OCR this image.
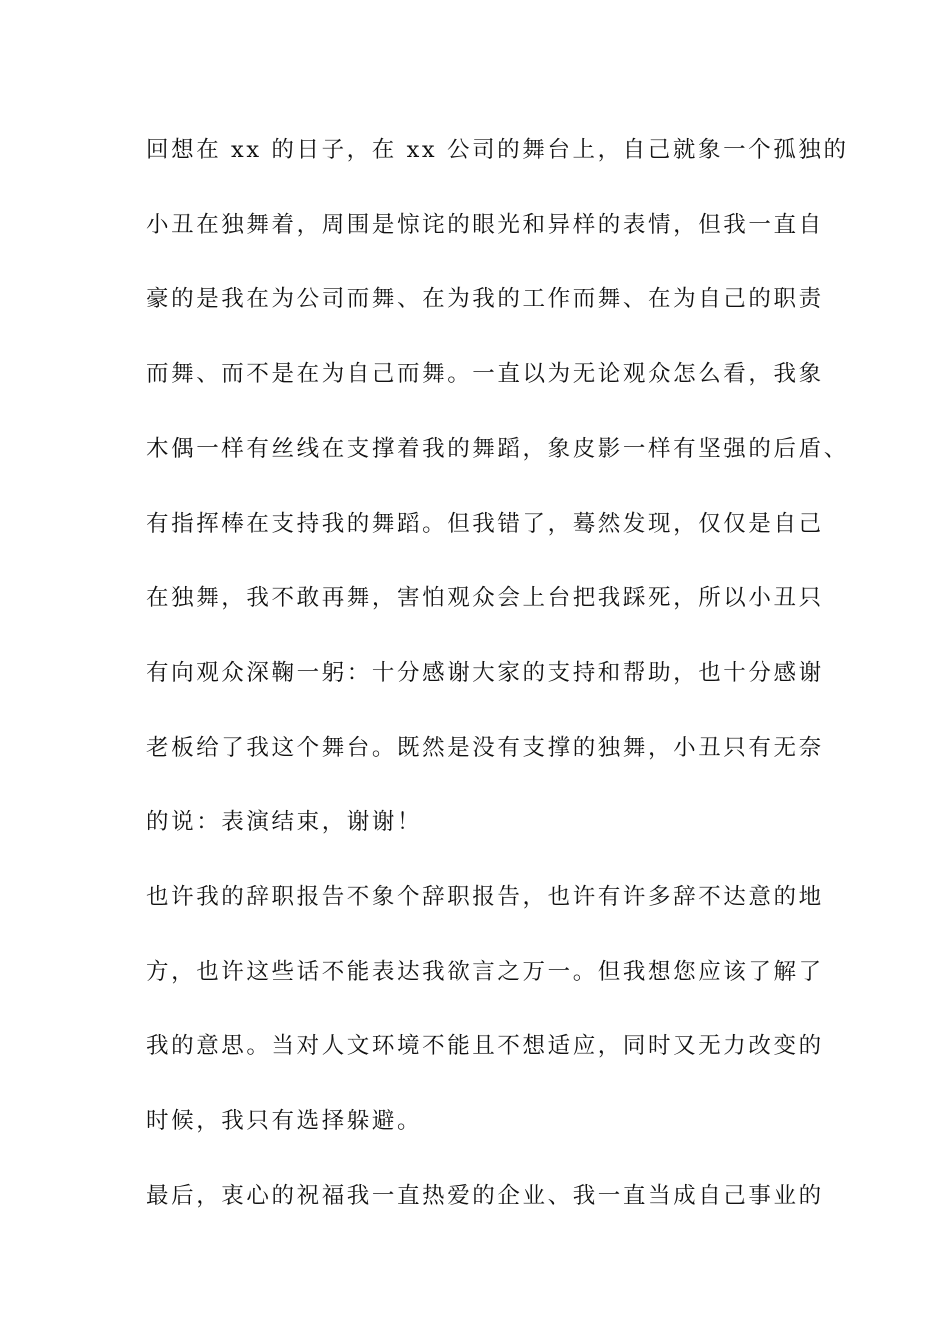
回想在 xx 的日子，在 xx 公司的舞台上，自己就象一个孤独的
小丑在独舞着，周围是惊诧的眼光和异样的表情，但我一直自
豪的是我在为公司而舞、在为我的工作而舞、在为自己的职责
而舞、而不是在为自己而舞。一直以为无论观众怎么看，我象
木偶一样有丝线在支撑着我的舞蹈，象皮影一样有坚强的后盾、
有指挥棒在支持我的舞蹈。但我错了，蓦然发现，仅仅是自己
在独舞，我不敢再舞，害怕观众会上台把我踩死，所以小丑只
有向观众深鞠一躬：十分感谢大家的支持和帮助，也十分感谢
老板给了我这个舞台。既然是没有支撑的独舞，小丑只有无奈
的说：表演结束，谢谢！
也许我的辞职报告不象个辞职报告，也许有许多辞不达意的地
方，也许这些话不能表达我欲言之万一。但我想您应该了解了
我的意思。当对人文环境不能且不想适应，同时又无力改变的
时候，我只有选择躲避。
最后，衷心的祝福我一直热爱的企业、我一直当成自己事业的
